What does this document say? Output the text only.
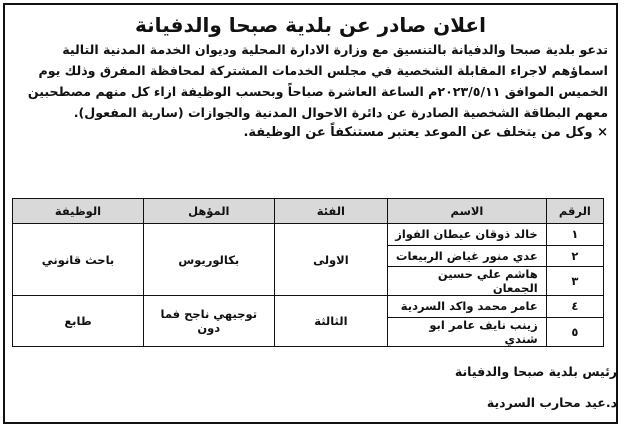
اعلان صادر عن بلدية صبحا والدفيانة

تدعو بلدية صبحا والدفيانة بالتنسيق مع وزارة الادارة المحلية وديوان الخدمة المدنية التالية

اسماؤهم لاجراء المقابلة الشخصية في مجلس الخدمات المشتركة لمحافظة المفرق وذلك يوم

الخميس الموافق ٢٠٢٣/٥/١١م الساعة العاشرة صباحاً وبحسب الوظيفة ازاء كل منهم مصطحبين

معهم البطاقة الشخصية الصادرة عن دائرة الاحوال المدنية والجوازات (سارية المفعول).

× وكل من يتخلف عن الموعد يعتبر مستنكفاً عن الوظيفة.
الرقم	الاسم	الفئة	المؤهل	الوظيفة
١	خالد ذوقان عيطان الفواز	الاولى	بكالوريوس	باحث قانوني
٢	عدي منور غياض الربيعات			
٣	هاشم علي حسين الجمعان			
٤	عامر محمد واكد السردية	الثالثة	توجيهي ناجح فما دون	طابع
٥	زينب نايف عامر ابو شندي			
رئيس بلدية صبحا والدفيانة
د.عيد محارب السردية
